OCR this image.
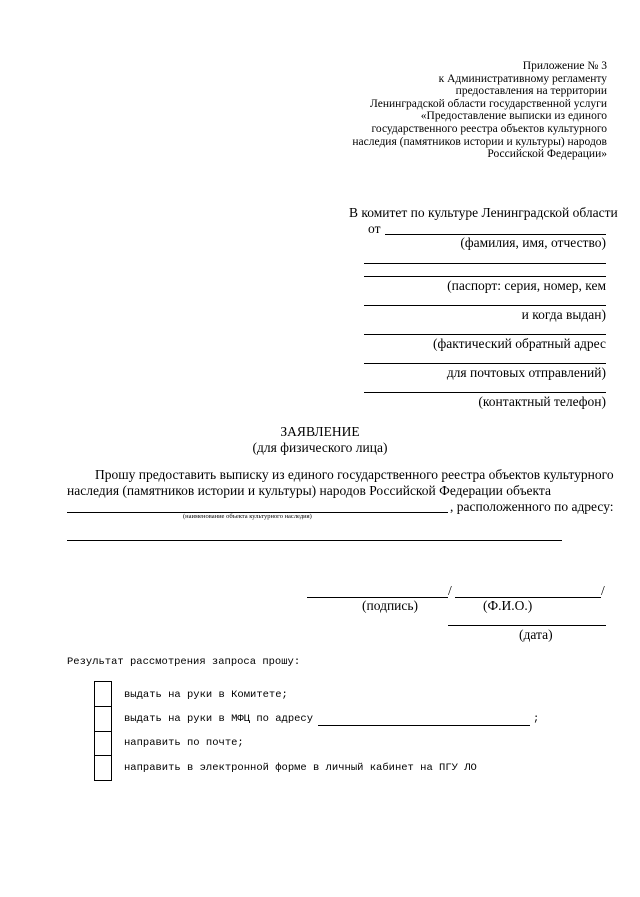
Приложение № 3
к Административному регламенту
предоставления на территории
Ленинградской области государственной услуги
«Предоставление выписки из единого
государственного реестра объектов культурного
наследия (памятников истории и культуры) народов
Российской Федерации»
В комитет по культуре Ленинградской области
от
(фамилия, имя, отчество)
(паспорт: серия, номер, кем
и когда выдан)
(фактический обратный адрес
для почтовых отправлений)
(контактный телефон)
ЗАЯВЛЕНИЕ
(для физического лица)
Прошу предоставить выписку из единого государственного реестра объектов культурного
наследия (памятников истории и культуры) народов Российской Федерации объекта
, расположенного по адресу:
(наименование объекта культурного наследия)
/	/
(подпись)	(Ф.И.О.)
(дата)
Результат рассмотрения запроса прошу:
выдать на руки в Комитете;
выдать на руки в МФЦ по адресу	;
направить по почте;
направить в электронной форме в личный кабинет на ПГУ ЛО
